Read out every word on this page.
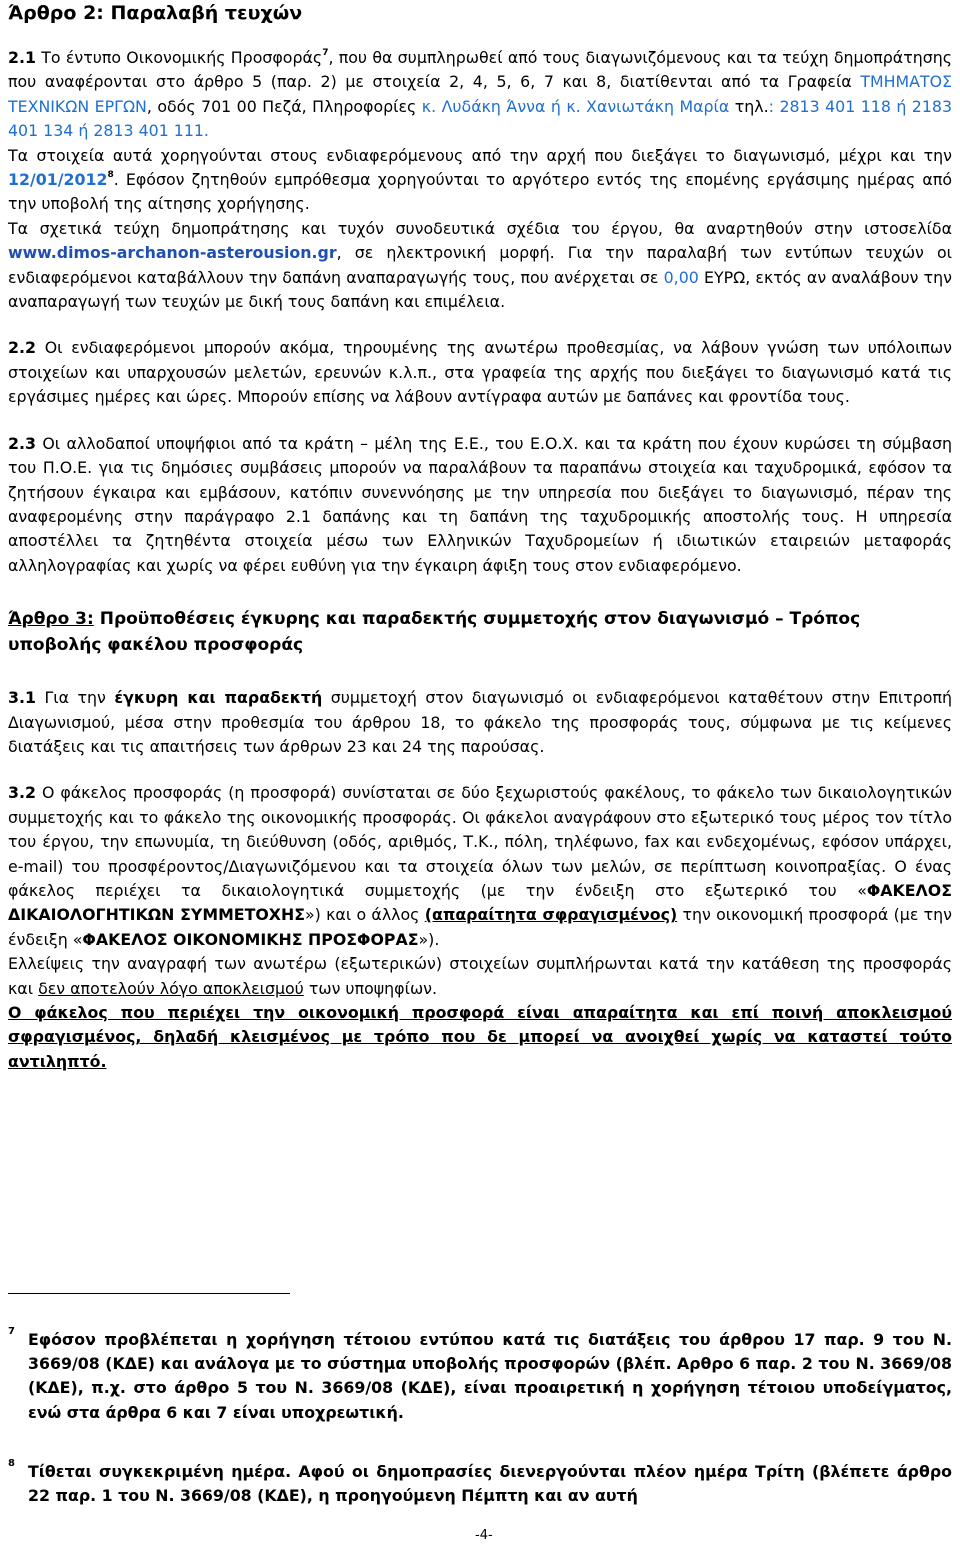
Άρθρο 2: Παραλαβή τευχών

2.1 Το έντυπο Οικονομικής Προσφοράς$^7$, που θα συμπληρωθεί από τους διαγωνιζόμενους και τα τεύχη δημοπράτησης που αναφέρονται στο άρθρο 5 (παρ. 2) με στοιχεία 2, 4, 5, 6, 7 και 8, διατίθενται από τα Γραφεία ΤΜΗΜΑΤΟΣ ΤΕΧΝΙΚΩΝ ΕΡΓΩΝ, οδός 701 00 Πεζά, Πληροφορίες κ. Λυδάκη Άννα ή κ. Χανιωτάκη Μαρία τηλ.: 2813 401 118 ή 2183 401 134 ή 2813 401 111.

Τα στοιχεία αυτά χορηγούνται στους ενδιαφερόμενους από την αρχή που διεξάγει το διαγωνισμό, μέχρι και την 12/01/2012$^8$. Εφόσον ζητηθούν εμπρόθεσμα χορηγούνται το αργότερο εντός της επομένης εργάσιμης ημέρας από την υποβολή της αίτησης χορήγησης.

Τα σχετικά τεύχη δημοπράτησης και τυχόν συνοδευτικά σχέδια του έργου, θα αναρτηθούν στην ιστοσελίδα www.dimos-archanon-asterousion.gr, σε ηλεκτρονική μορφή. Για την παραλαβή των εντύπων τευχών οι ενδιαφερόμενοι καταβάλλουν την δαπάνη αναπαραγωγής τους, που ανέρχεται σε 0,00 ΕΥΡΩ, εκτός αν αναλάβουν την αναπαραγωγή των τευχών με δική τους δαπάνη και επιμέλεια.

2.2 Οι ενδιαφερόμενοι μπορούν ακόμα, τηρουμένης της ανωτέρω προθεσμίας, να λάβουν γνώση των υπόλοιπων στοιχείων και υπαρχουσών μελετών, ερευνών κ.λ.π., στα γραφεία της αρχής που διεξάγει το διαγωνισμό κατά τις εργάσιμες ημέρες και ώρες. Μπορούν επίσης να λάβουν αντίγραφα αυτών με δαπάνες και φροντίδα τους.

2.3 Οι αλλοδαποί υποψήφιοι από τα κράτη – μέλη της Ε.Ε., του Ε.Ο.Χ. και τα κράτη που έχουν κυρώσει τη σύμβαση του Π.Ο.Ε. για τις δημόσιες συμβάσεις μπορούν να παραλάβουν τα παραπάνω στοιχεία και ταχυδρομικά, εφόσον τα ζητήσουν έγκαιρα και εμβάσουν, κατόπιν συνεννόησης με την υπηρεσία που διεξάγει το διαγωνισμό, πέραν της αναφερομένης στην παράγραφο 2.1 δαπάνης και τη δαπάνη της ταχυδρομικής αποστολής τους. Η υπηρεσία αποστέλλει τα ζητηθέντα στοιχεία μέσω των Ελληνικών Ταχυδρομείων ή ιδιωτικών εταιρειών μεταφοράς αλληλογραφίας και χωρίς να φέρει ευθύνη για την έγκαιρη άφιξη τους στον ενδιαφερόμενο.

Άρθρο 3: Προϋποθέσεις έγκυρης και παραδεκτής συμμετοχής στον διαγωνισμό – Τρόπος υποβολής φακέλου προσφοράς

3.1 Για την έγκυρη και παραδεκτή συμμετοχή στον διαγωνισμό οι ενδιαφερόμενοι καταθέτουν στην Επιτροπή Διαγωνισμού, μέσα στην προθεσμία του άρθρου 18, το φάκελο της προσφοράς τους, σύμφωνα με τις κείμενες διατάξεις και τις απαιτήσεις των άρθρων 23 και 24 της παρούσας.

3.2 Ο φάκελος προσφοράς (η προσφορά) συνίσταται σε δύο ξεχωριστούς φακέλους, το φάκελο των δικαιολογητικών συμμετοχής και το φάκελο της οικονομικής προσφοράς. Οι φάκελοι αναγράφουν στο εξωτερικό τους μέρος τον τίτλο του έργου, την επωνυμία, τη διεύθυνση (οδός, αριθμός, Τ.Κ., πόλη, τηλέφωνο, fax και ενδεχομένως, εφόσον υπάρχει, e-mail) του προσφέροντος/Διαγωνιζόμενου και τα στοιχεία όλων των μελών, σε περίπτωση κοινοπραξίας. Ο ένας φάκελος περιέχει τα δικαιολογητικά συμμετοχής (με την ένδειξη στο εξωτερικό του «ΦΑΚΕΛΟΣ ΔΙΚΑΙΟΛΟΓΗΤΙΚΩΝ ΣΥΜΜΕΤΟΧΗΣ») και ο άλλος (απαραίτητα σφραγισμένος) την οικονομική προσφορά (με την ένδειξη «ΦΑΚΕΛΟΣ ΟΙΚΟΝΟΜΙΚΗΣ ΠΡΟΣΦΟΡΑΣ»).

Ελλείψεις την αναγραφή των ανωτέρω (εξωτερικών) στοιχείων συμπλήρωνται κατά την κατάθεση της προσφοράς και δεν αποτελούν λόγο αποκλεισμού των υποψηφίων.

Ο φάκελος που περιέχει την οικονομική προσφορά είναι απαραίτητα και επί ποινή αποκλεισμού σφραγισμένος, δηλαδή κλεισμένος με τρόπο που δε μπορεί να ανοιχθεί χωρίς να καταστεί τούτο αντιληπτό.

7 Εφόσον προβλέπεται η χορήγηση τέτοιου εντύπου κατά τις διατάξεις του άρθρου 17 παρ. 9 του Ν. 3669/08 (ΚΔΕ) και ανάλογα με το σύστημα υποβολής προσφορών (βλέπ. Αρθρο 6 παρ. 2 του Ν. 3669/08 (ΚΔΕ), π.χ. στο άρθρο 5 του Ν. 3669/08 (ΚΔΕ), είναι προαιρετική η χορήγηση τέτοιου υποδείγματος, ενώ στα άρθρα 6 και 7 είναι υποχρεωτική.
8 Τίθεται συγκεκριμένη ημέρα. Αφού οι δημοπρασίες διενεργούνται πλέον ημέρα Τρίτη (βλέπετε άρθρο 22 παρ. 1 του Ν. 3669/08 (ΚΔΕ), η προηγούμενη Πέμπτη και αν αυτή
-4-
